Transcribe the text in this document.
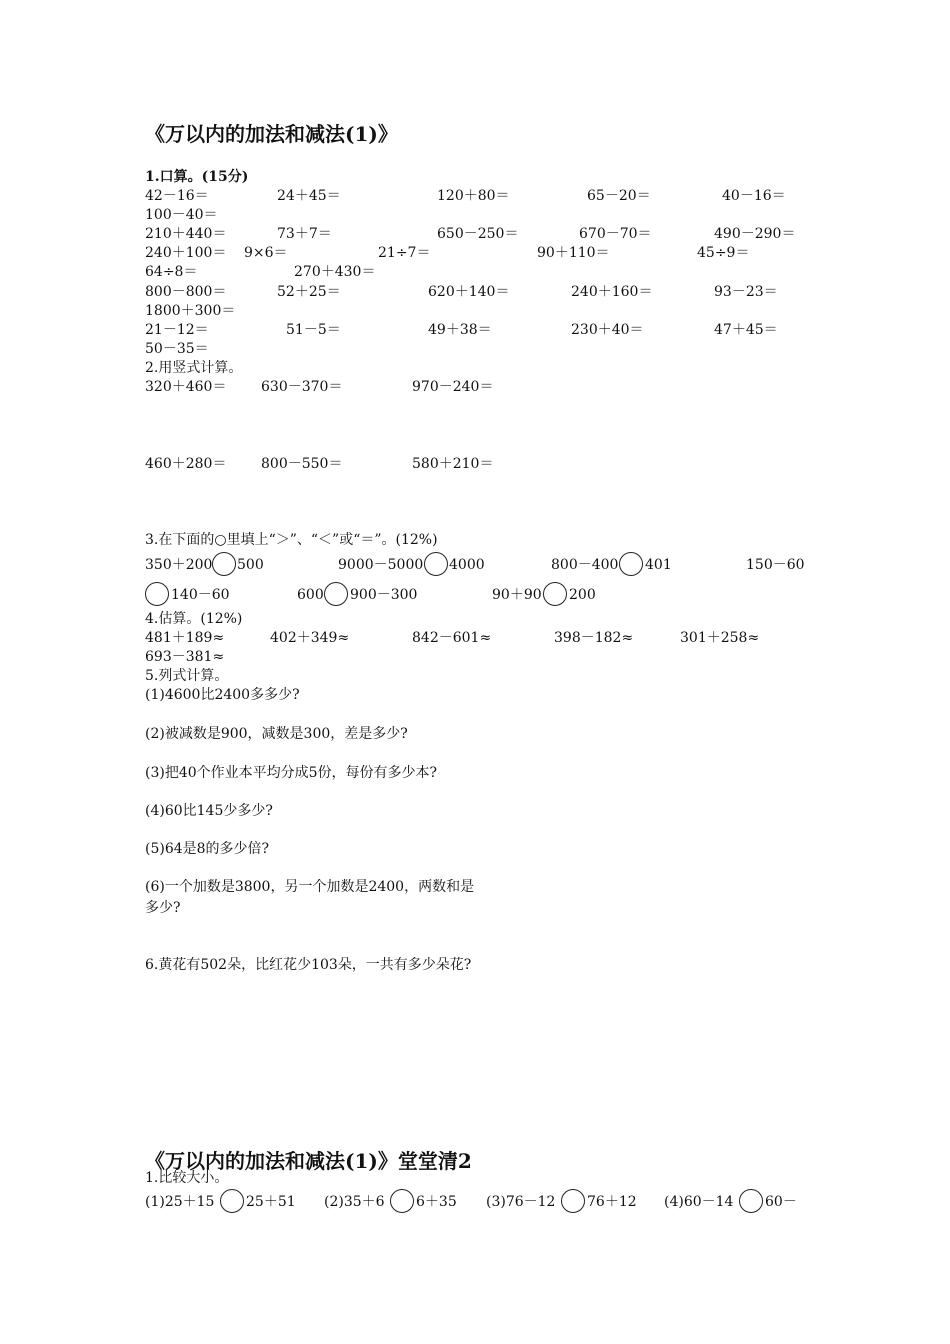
《万以内的加法和减法(1)》
1.口算。(15分)
42－16＝	24＋45＝	120＋80＝	65－20＝	40－16＝
100－40＝
210＋440＝	73＋7＝	650－250＝	670－70＝	490－290＝
240＋100＝ 9×6＝	21÷7＝	90＋110＝	45÷9＝
64÷8＝	270＋430＝
800－800＝	52＋25＝	620＋140＝	240＋160＝	93－23＝
1800＋300＝
21－12＝	51－5＝	49＋38＝	230＋40＝	47＋45＝
50－35＝
2.用竖式计算。
320＋460＝ 630－370＝	970－240＝
460＋280＝ 800－550＝	580＋210＝
3.在下面的○里填上“＞”、“＜”或“＝”。(12%)
350＋200 500	9000－5000 4000	800－400 401	150－60
140－60	600 900－300	90＋90 200
4.估算。(12%)
481＋189≈	402＋349≈	842－601≈	398－182≈	301＋258≈
693－381≈
5.列式计算。
(1)4600比2400多多少?
(2)被减数是900，减数是300，差是多少?
(3)把40个作业本平均分成5份，每份有多少本?
(4)60比145少多少?
(5)64是8的多少倍?
(6)一个加数是3800，另一个加数是2400，两数和是
多少?
6.黄花有502朵，比红花少103朵，一共有多少朵花?
《万以内的加法和减法(1)》堂堂清2
1.比较大小。
(1)25＋15 25＋51 (2)35＋6 6＋35 (3)76－12 76＋12 (4)60－14 60－
